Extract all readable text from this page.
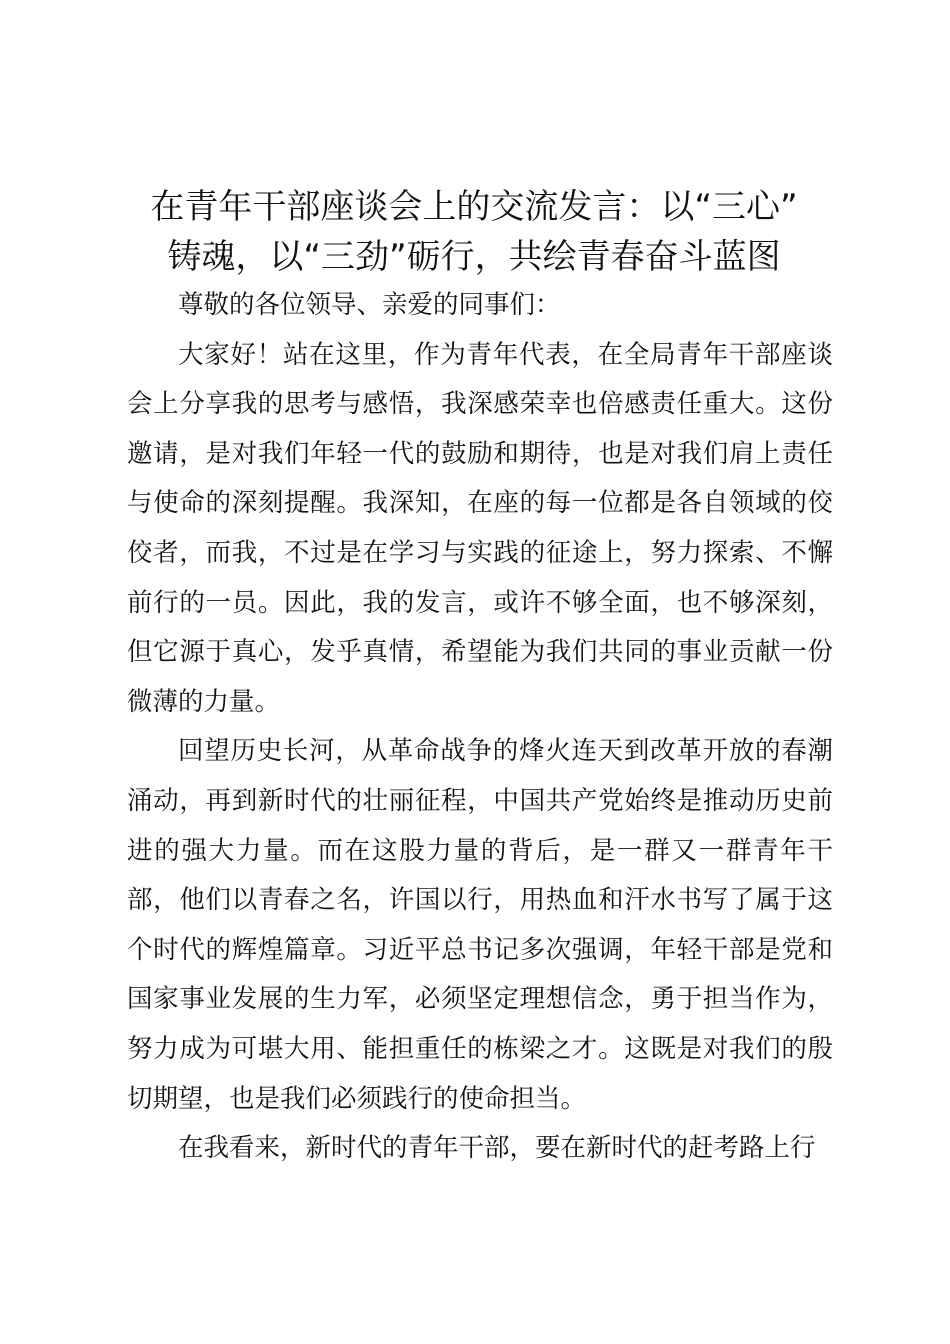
在青年干部座谈会上的交流发言：以“三心”
铸魂，以“三劲”砺行，共绘青春奋斗蓝图

尊敬的各位领导、亲爱的同事们：

大家好！站在这里，作为青年代表，在全局青年干部座谈会上分享我的思考与感悟，我深感荣幸也倍感责任重大。这份邀请，是对我们年轻一代的鼓励和期待，也是对我们肩上责任与使命的深刻提醒。我深知，在座的每一位都是各自领域的佼佼者，而我，不过是在学习与实践的征途上，努力探索、不懈前行的一员。因此，我的发言，或许不够全面，也不够深刻，但它源于真心，发乎真情，希望能为我们共同的事业贡献一份微薄的力量。

回望历史长河，从革命战争的烽火连天到改革开放的春潮涌动，再到新时代的壮丽征程，中国共产党始终是推动历史前进的强大力量。而在这股力量的背后，是一群又一群青年干部，他们以青春之名，许国以行，用热血和汗水书写了属于这个时代的辉煌篇章。习近平总书记多次强调，年轻干部是党和国家事业发展的生力军，必须坚定理想信念，勇于担当作为，努力成为可堪大用、能担重任的栋梁之才。这既是对我们的殷切期望，也是我们必须践行的使命担当。

在我看来，新时代的青年干部，要在新时代的赶考路上行
